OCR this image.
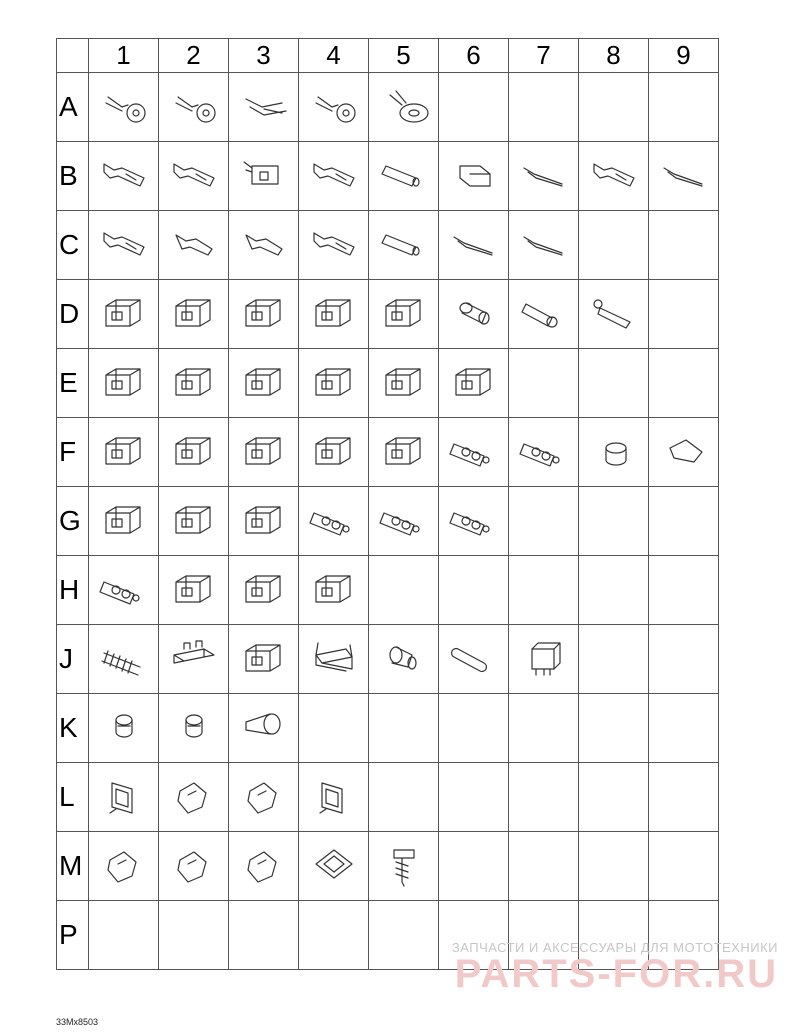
	1	2	3	4	5	6	7	8	9
A	

B	

C	

D	

E	

F	

G	

H	

J	

K	

L	

M	

P									
33Mx8503
ЗАПЧАСТИ И АКСЕССУАРЫ ДЛЯ МОТОТЕХНИКИ
PARTS-FOR.RU
